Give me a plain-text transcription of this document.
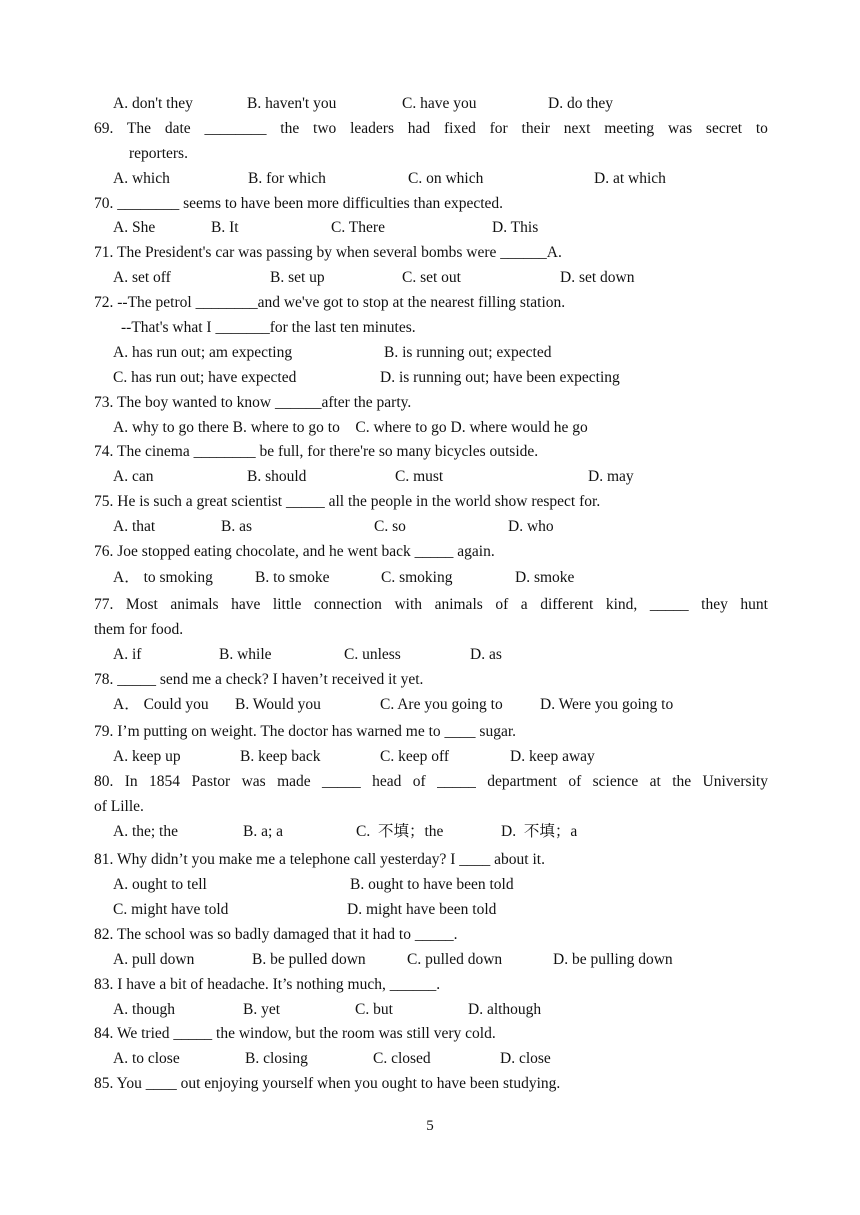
A. don't they	B. haven't you	C. have you	D. do they
69. The date ________ the two leaders had fixed for their next meeting was secret to
reporters.
A. which	B. for which	C. on which	D. at which
70. ________ seems to have been more difficulties than expected.
A. She	B. It	C. There	D. This
71. The President's car was passing by when several bombs were ______A.
A. set off	B. set up	C. set out	D. set down
72. --The petrol ________and we've got to stop at the nearest filling station.
--That's what I _______for the last ten minutes.
A. has run out; am expecting	B. is running out; expected
C. has run out; have expected	D. is running out; have been expecting
73. The boy wanted to know ______after the party.
A. why to go there B. where to go to    C. where to go D. where would he go
74. The cinema ________ be full, for there're so many bicycles outside.
A. can	B. should	C. must	D. may
75. He is such a great scientist _____ all the people in the world show respect for.
A. that	B. as	C. so	D. who
76. Joe stopped eating chocolate, and he went back _____ again.
A． to smoking	B. to smoke	C. smoking	D. smoke
77. Most animals have little connection with animals of a different kind, _____ they hunt
them for food.
A. if	B. while	C. unless	D. as
78. _____ send me a check? I haven’t received it yet.
A． Could you B. Would you	C. Are you going to D. Were you going to
79. I’m putting on weight. The doctor has warned me to ____ sugar.
A. keep up	B. keep back	C. keep off	D. keep away
80. In 1854 Pastor was made _____ head of _____ department of science at the University
of Lille.
A. the; the	B. a; a	C.  不填；the	D.  不填；a
81. Why didn’t you make me a telephone call yesterday? I ____ about it.
A. ought to tell	B. ought to have been told
C. might have told	D. might have been told
82. The school was so badly damaged that it had to _____.
A. pull down	B. be pulled down	C. pulled down	D. be pulling down
83. I have a bit of headache. It’s nothing much, ______.
A. though	B. yet	C. but	D. although
84. We tried _____ the window, but the room was still very cold.
A. to close	B. closing	C. closed	D. close
85. You ____ out enjoying yourself when you ought to have been studying.
5
